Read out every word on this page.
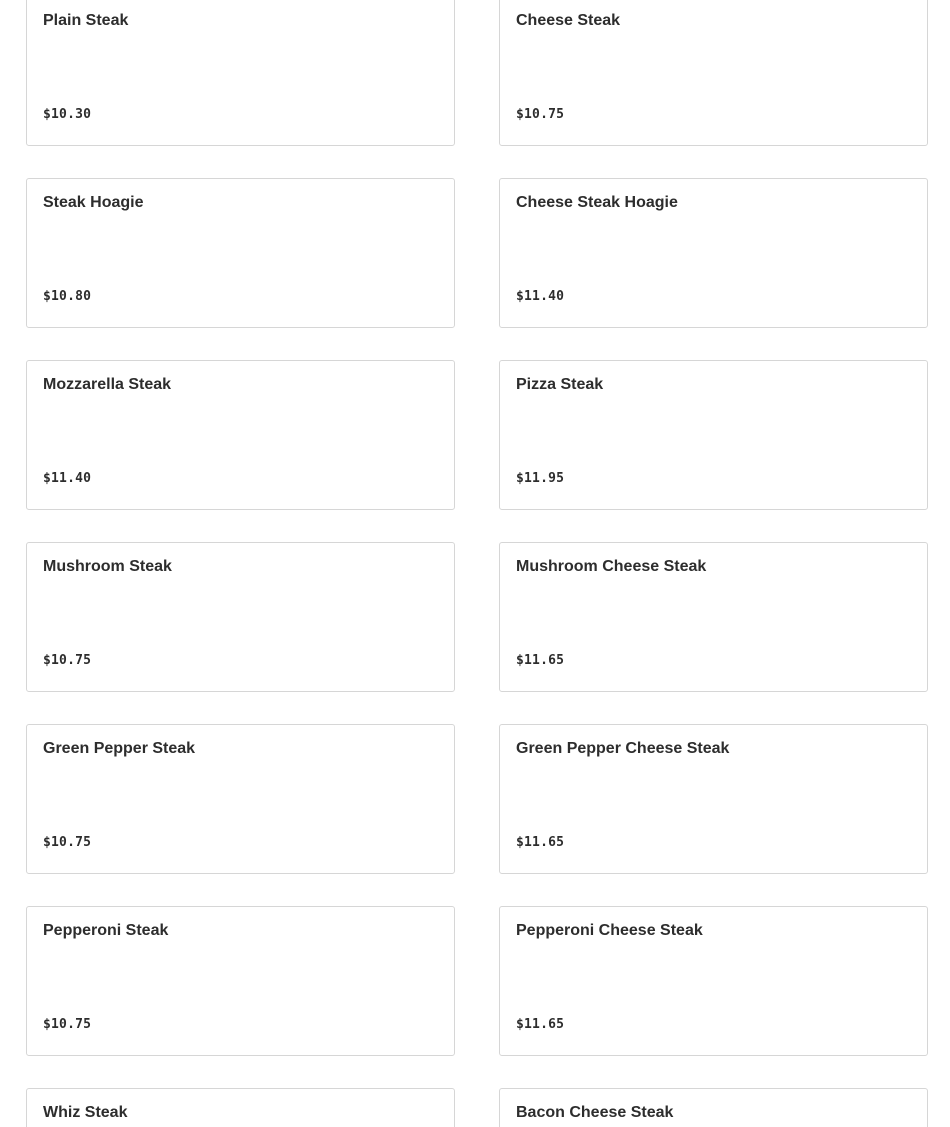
Plain Steak
$10.30
Cheese Steak
$10.75
Steak Hoagie
$10.80
Cheese Steak Hoagie
$11.40
Mozzarella Steak
$11.40
Pizza Steak
$11.95
Mushroom Steak
$10.75
Mushroom Cheese Steak
$11.65
Green Pepper Steak
$10.75
Green Pepper Cheese Steak
$11.65
Pepperoni Steak
$10.75
Pepperoni Cheese Steak
$11.65
Whiz Steak	Bacon Cheese Steak
